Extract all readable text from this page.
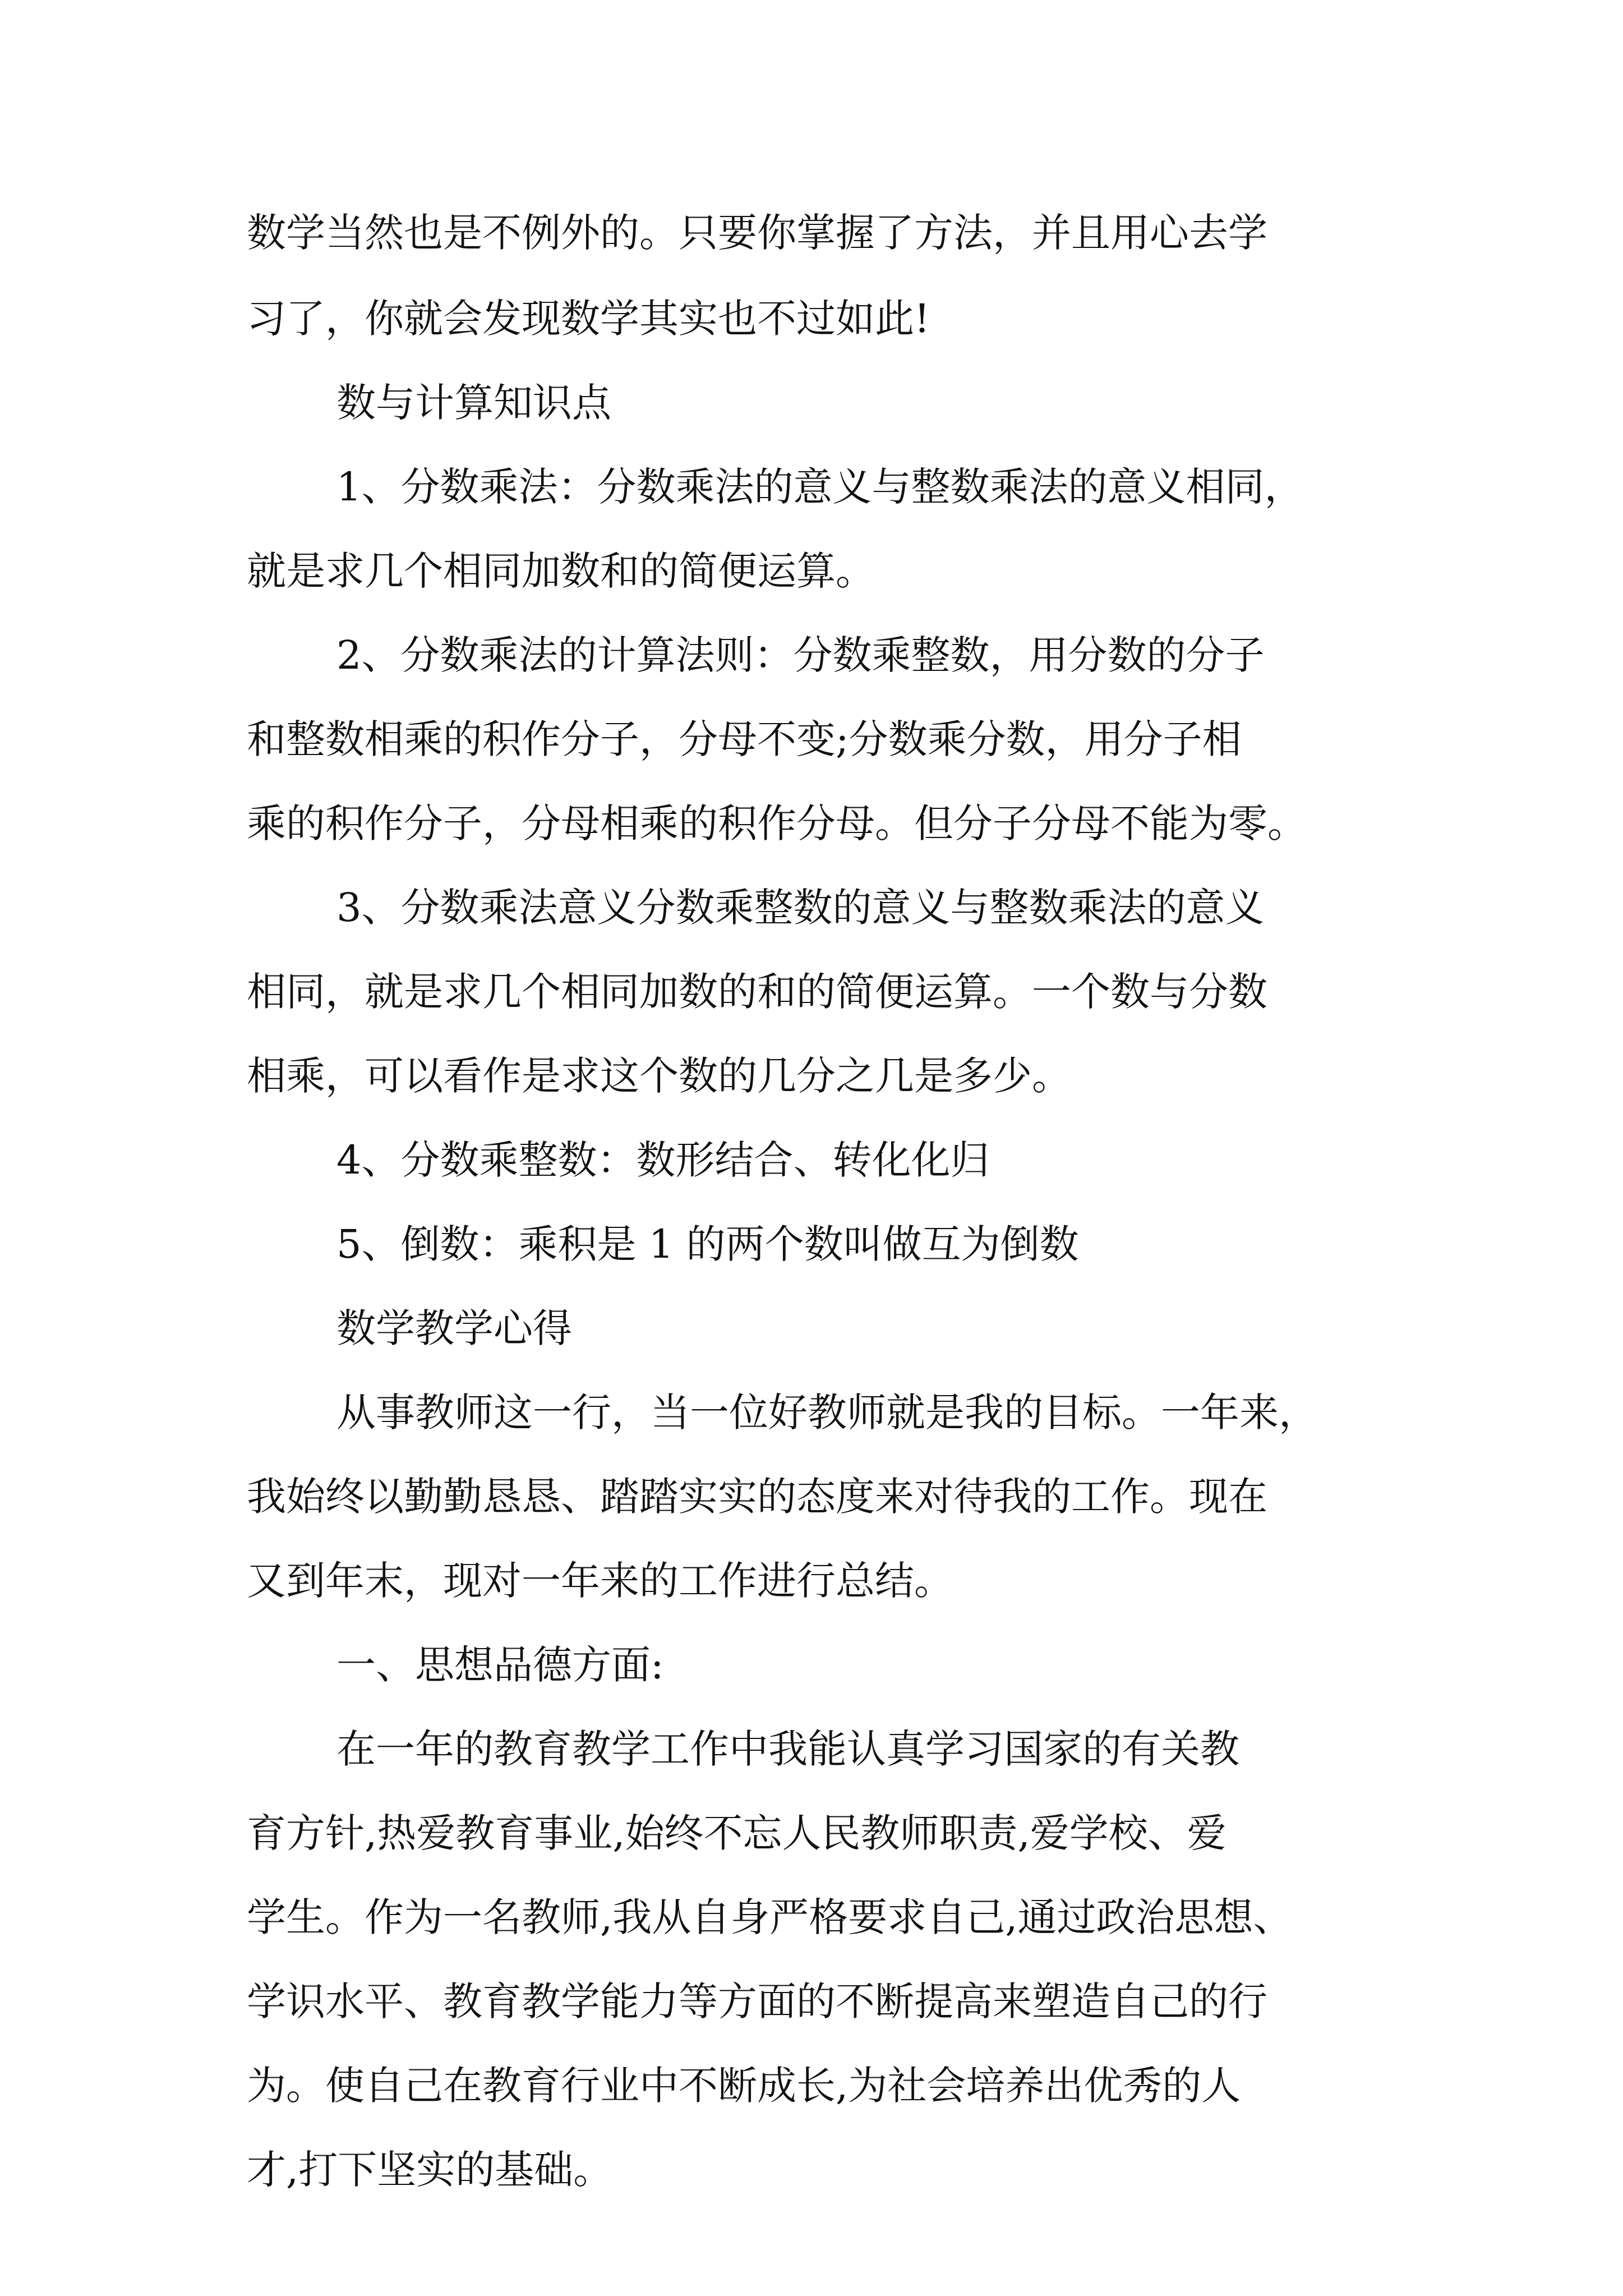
数学当然也是不例外的。只要你掌握了方法，并且用心去学
习了，你就会发现数学其实也不过如此!
数与计算知识点
1、分数乘法：分数乘法的意义与整数乘法的意义相同，
就是求几个相同加数和的简便运算。
2、分数乘法的计算法则：分数乘整数，用分数的分子
和整数相乘的积作分子，分母不变;分数乘分数，用分子相
乘的积作分子，分母相乘的积作分母。但分子分母不能为零。
3、分数乘法意义分数乘整数的意义与整数乘法的意义
相同，就是求几个相同加数的和的简便运算。一个数与分数
相乘，可以看作是求这个数的几分之几是多少。
4、分数乘整数：数形结合、转化化归
5、倒数：乘积是 1 的两个数叫做互为倒数
数学教学心得
从事教师这一行，当一位好教师就是我的目标。一年来，
我始终以勤勤恳恳、踏踏实实的态度来对待我的工作。现在
又到年末，现对一年来的工作进行总结。
一、思想品德方面:
在一年的教育教学工作中我能认真学习国家的有关教
育方针,热爱教育事业,始终不忘人民教师职责,爱学校、爱
学生。作为一名教师,我从自身严格要求自己,通过政治思想、
学识水平、教育教学能力等方面的不断提高来塑造自己的行
为。使自己在教育行业中不断成长,为社会培养出优秀的人
才,打下坚实的基础。
